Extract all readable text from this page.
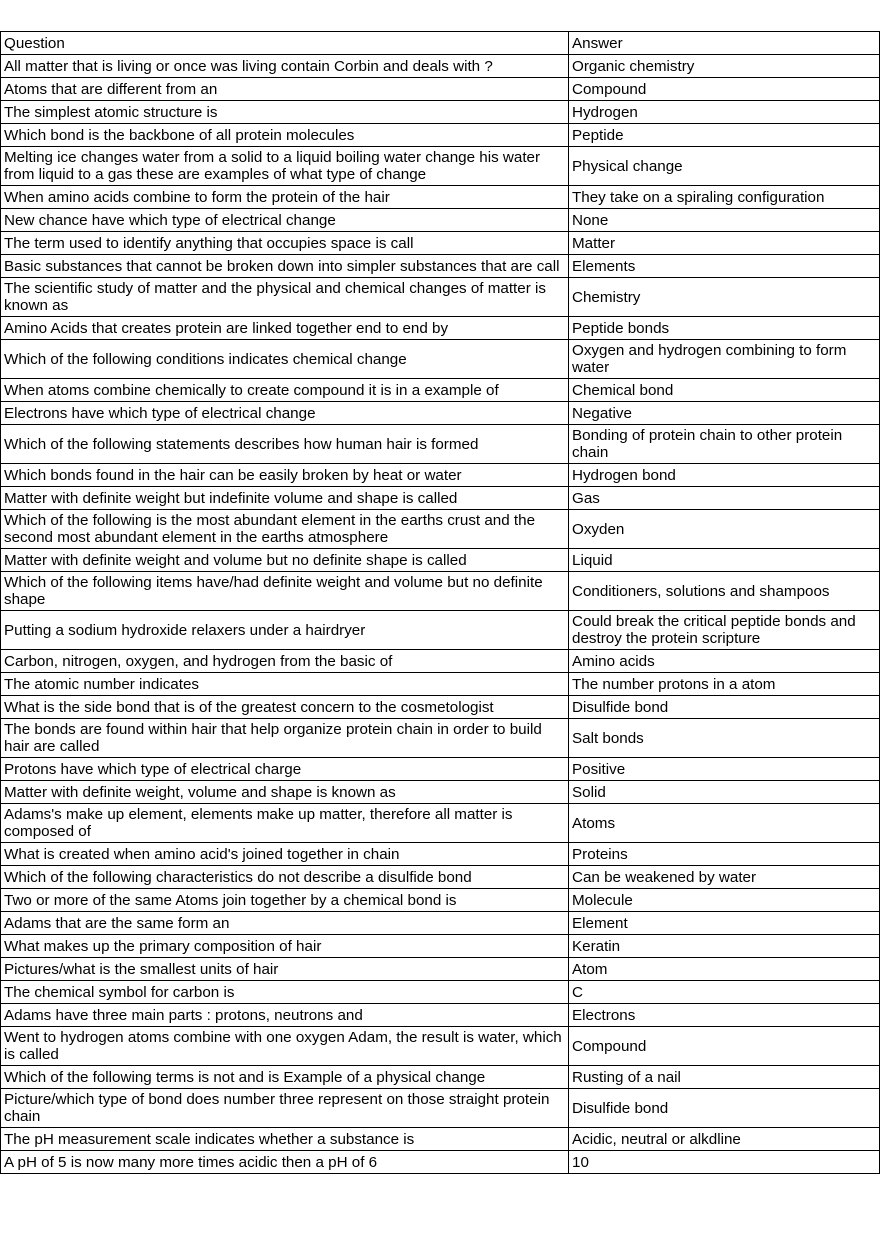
Question	Answer
All matter that is living or once was living contain Corbin and deals with ?	Organic chemistry
Atoms that are different from an	Compound
The simplest atomic structure is	Hydrogen
Which bond is the backbone of all protein molecules	Peptide
Melting ice changes water from a solid to a liquid boiling water change his water from liquid to a gas these are examples of what type of change	Physical change
When amino acids combine to form the protein of the hair	They take on a spiraling configuration
New chance have which type of electrical change	None
The term used to identify anything that occupies space is call	Matter
Basic substances that cannot be broken down into simpler substances that are call	Elements
The scientific study of matter and the physical and chemical changes of matter is known as	Chemistry
Amino Acids that creates protein are linked together end to end by	Peptide bonds
Which of the following conditions indicates chemical change	Oxygen and hydrogen combining to form water
When atoms combine chemically to create compound it is in a example of	Chemical bond
Electrons have which type of electrical change	Negative
Which of the following statements describes how human hair is formed	Bonding of protein chain to other protein chain
Which bonds found in the hair can be easily broken by heat or water	Hydrogen bond
Matter with definite weight but indefinite volume and shape is called	Gas
Which of the following is the most abundant element in the earths crust and the second most abundant element in the earths atmosphere	Oxyden
Matter with definite weight and volume but no definite shape is called	Liquid
Which of the following items have/had definite weight and volume but no definite shape	Conditioners, solutions and shampoos
Putting a sodium hydroxide relaxers under a hairdryer	Could break the critical peptide bonds and destroy the protein scripture
Carbon, nitrogen, oxygen, and hydrogen from the basic of	Amino acids
The atomic number indicates	The number protons in a atom
What is the side bond that is of the greatest concern to the cosmetologist	Disulfide bond
The bonds are found within hair that help organize protein chain in order to build hair are called	Salt bonds
Protons have which type of electrical charge	Positive
Matter with definite weight, volume and shape is known as	Solid
Adams's make up element, elements make up matter, therefore all matter is composed of	Atoms
What is created when amino acid's joined together in chain	Proteins
Which of the following characteristics do not describe a disulfide bond	Can be weakened by water
Two or more of the same Atoms join together by a chemical bond is	Molecule
Adams that are the same form an	Element
What makes up the primary composition of hair	Keratin
Pictures/what is the smallest units of hair	Atom
The chemical symbol for carbon is	C
Adams have three main parts : protons, neutrons and	Electrons
Went to hydrogen atoms combine with one oxygen Adam, the result is water, which is called	Compound
Which of the following terms is not and is Example of a physical change	Rusting of a nail
Picture/which type of bond does number three represent on those straight protein chain	Disulfide bond
The pH measurement scale indicates whether a substance is	Acidic, neutral or alkdline
A pH of 5 is now many more times acidic then a pH of 6	10
